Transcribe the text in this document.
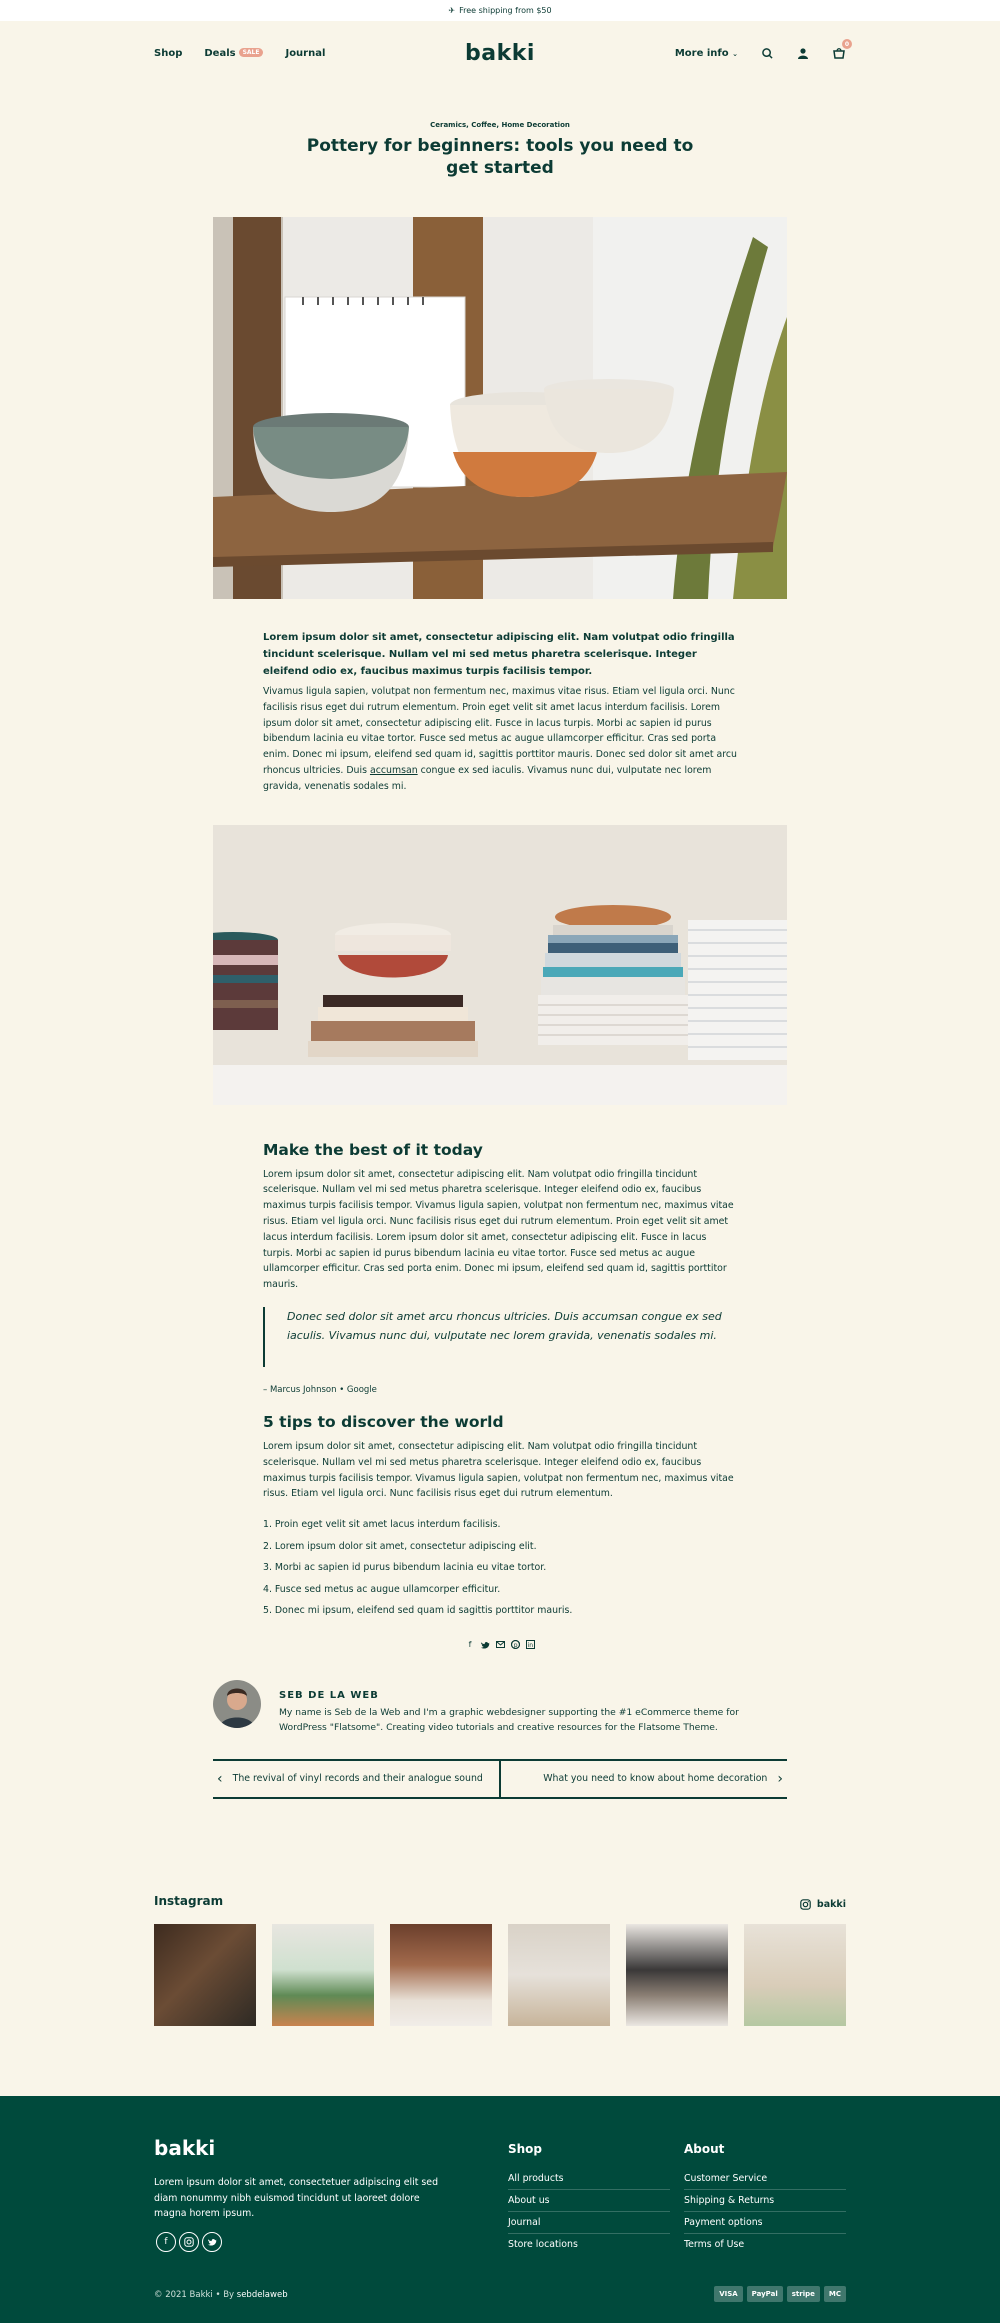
✈ Free shipping from $50
Shop Deals $^{SALE}$	Journal	bakki	More info ⌄
0
Ceramics, Coffee, Home Decoration
Pottery for beginners: tools you need to get started

Lorem ipsum dolor sit amet, consectetur adipiscing elit. Nam volutpat odio fringilla tincidunt scelerisque. Nullam vel mi sed metus pharetra scelerisque. Integer eleifend odio ex, faucibus maximus turpis facilisis tempor.

Vivamus ligula sapien, volutpat non fermentum nec, maximus vitae risus. Etiam vel ligula orci. Nunc facilisis risus eget dui rutrum elementum. Proin eget velit sit amet lacus interdum facilisis. Lorem ipsum dolor sit amet, consectetur adipiscing elit. Fusce in lacus turpis. Morbi ac sapien id purus bibendum lacinia eu vitae tortor. Fusce sed metus ac augue ullamcorper efficitur. Cras sed porta enim. Donec mi ipsum, eleifend sed quam id, sagittis porttitor mauris. Donec sed dolor sit amet arcu rhoncus ultricies. Duis accumsan congue ex sed iaculis. Vivamus nunc dui, vulputate nec lorem gravida, venenatis sodales mi.

Make the best of it today

Lorem ipsum dolor sit amet, consectetur adipiscing elit. Nam volutpat odio fringilla tincidunt scelerisque. Nullam vel mi sed metus pharetra scelerisque. Integer eleifend odio ex, faucibus maximus turpis facilisis tempor. Vivamus ligula sapien, volutpat non fermentum nec, maximus vitae risus. Etiam vel ligula orci. Nunc facilisis risus eget dui rutrum elementum. Proin eget velit sit amet lacus interdum facilisis. Lorem ipsum dolor sit amet, consectetur adipiscing elit. Fusce in lacus turpis. Morbi ac sapien id purus bibendum lacinia eu vitae tortor. Fusce sed metus ac augue ullamcorper efficitur. Cras sed porta enim. Donec mi ipsum, eleifend sed quam id, sagittis porttitor mauris.

Donec sed dolor sit amet arcu rhoncus ultricies. Duis accumsan congue ex sed iaculis. Vivamus nunc dui, vulputate nec lorem gravida, venenatis sodales mi.
– Marcus Johnson • Google
5 tips to discover the world

Lorem ipsum dolor sit amet, consectetur adipiscing elit. Nam volutpat odio fringilla tincidunt scelerisque. Nullam vel mi sed metus pharetra scelerisque. Integer eleifend odio ex, faucibus maximus turpis facilisis tempor. Vivamus ligula sapien, volutpat non fermentum nec, maximus vitae risus. Etiam vel ligula orci. Nunc facilisis risus eget dui rutrum elementum.

1. Proin eget velit sit amet lacus interdum facilisis.
2. Lorem ipsum dolor sit amet, consectetur adipiscing elit.
3. Morbi ac sapien id purus bibendum lacinia eu vitae tortor.
4. Fusce sed metus ac augue ullamcorper efficitur.
5. Donec mi ipsum, eleifend sed quam id sagittis porttitor mauris.
f	p in
SEB DE LA WEB
My name is Seb de la Web and I'm a graphic webdesigner supporting the #1 eCommerce theme for WordPress "Flatsome". Creating video tutorials and creative resources for the Flatsome Theme.
‹ The revival of vinyl records and their analogue sound	What you need to know about home decoration ›
Instagram	bakki
bakki
Lorem ipsum dolor sit amet, consectetuer adipiscing elit sed diam nonummy nibh euismod tincidunt ut laoreet dolore magna horem ipsum.
f
Shop
All products
About us
Journal
Store locations
About
Customer Service
Shipping & Returns
Payment options
Terms of Use
© 2021 Bakki • By sebdelaweb	VISA	PayPal	stripe	MC
